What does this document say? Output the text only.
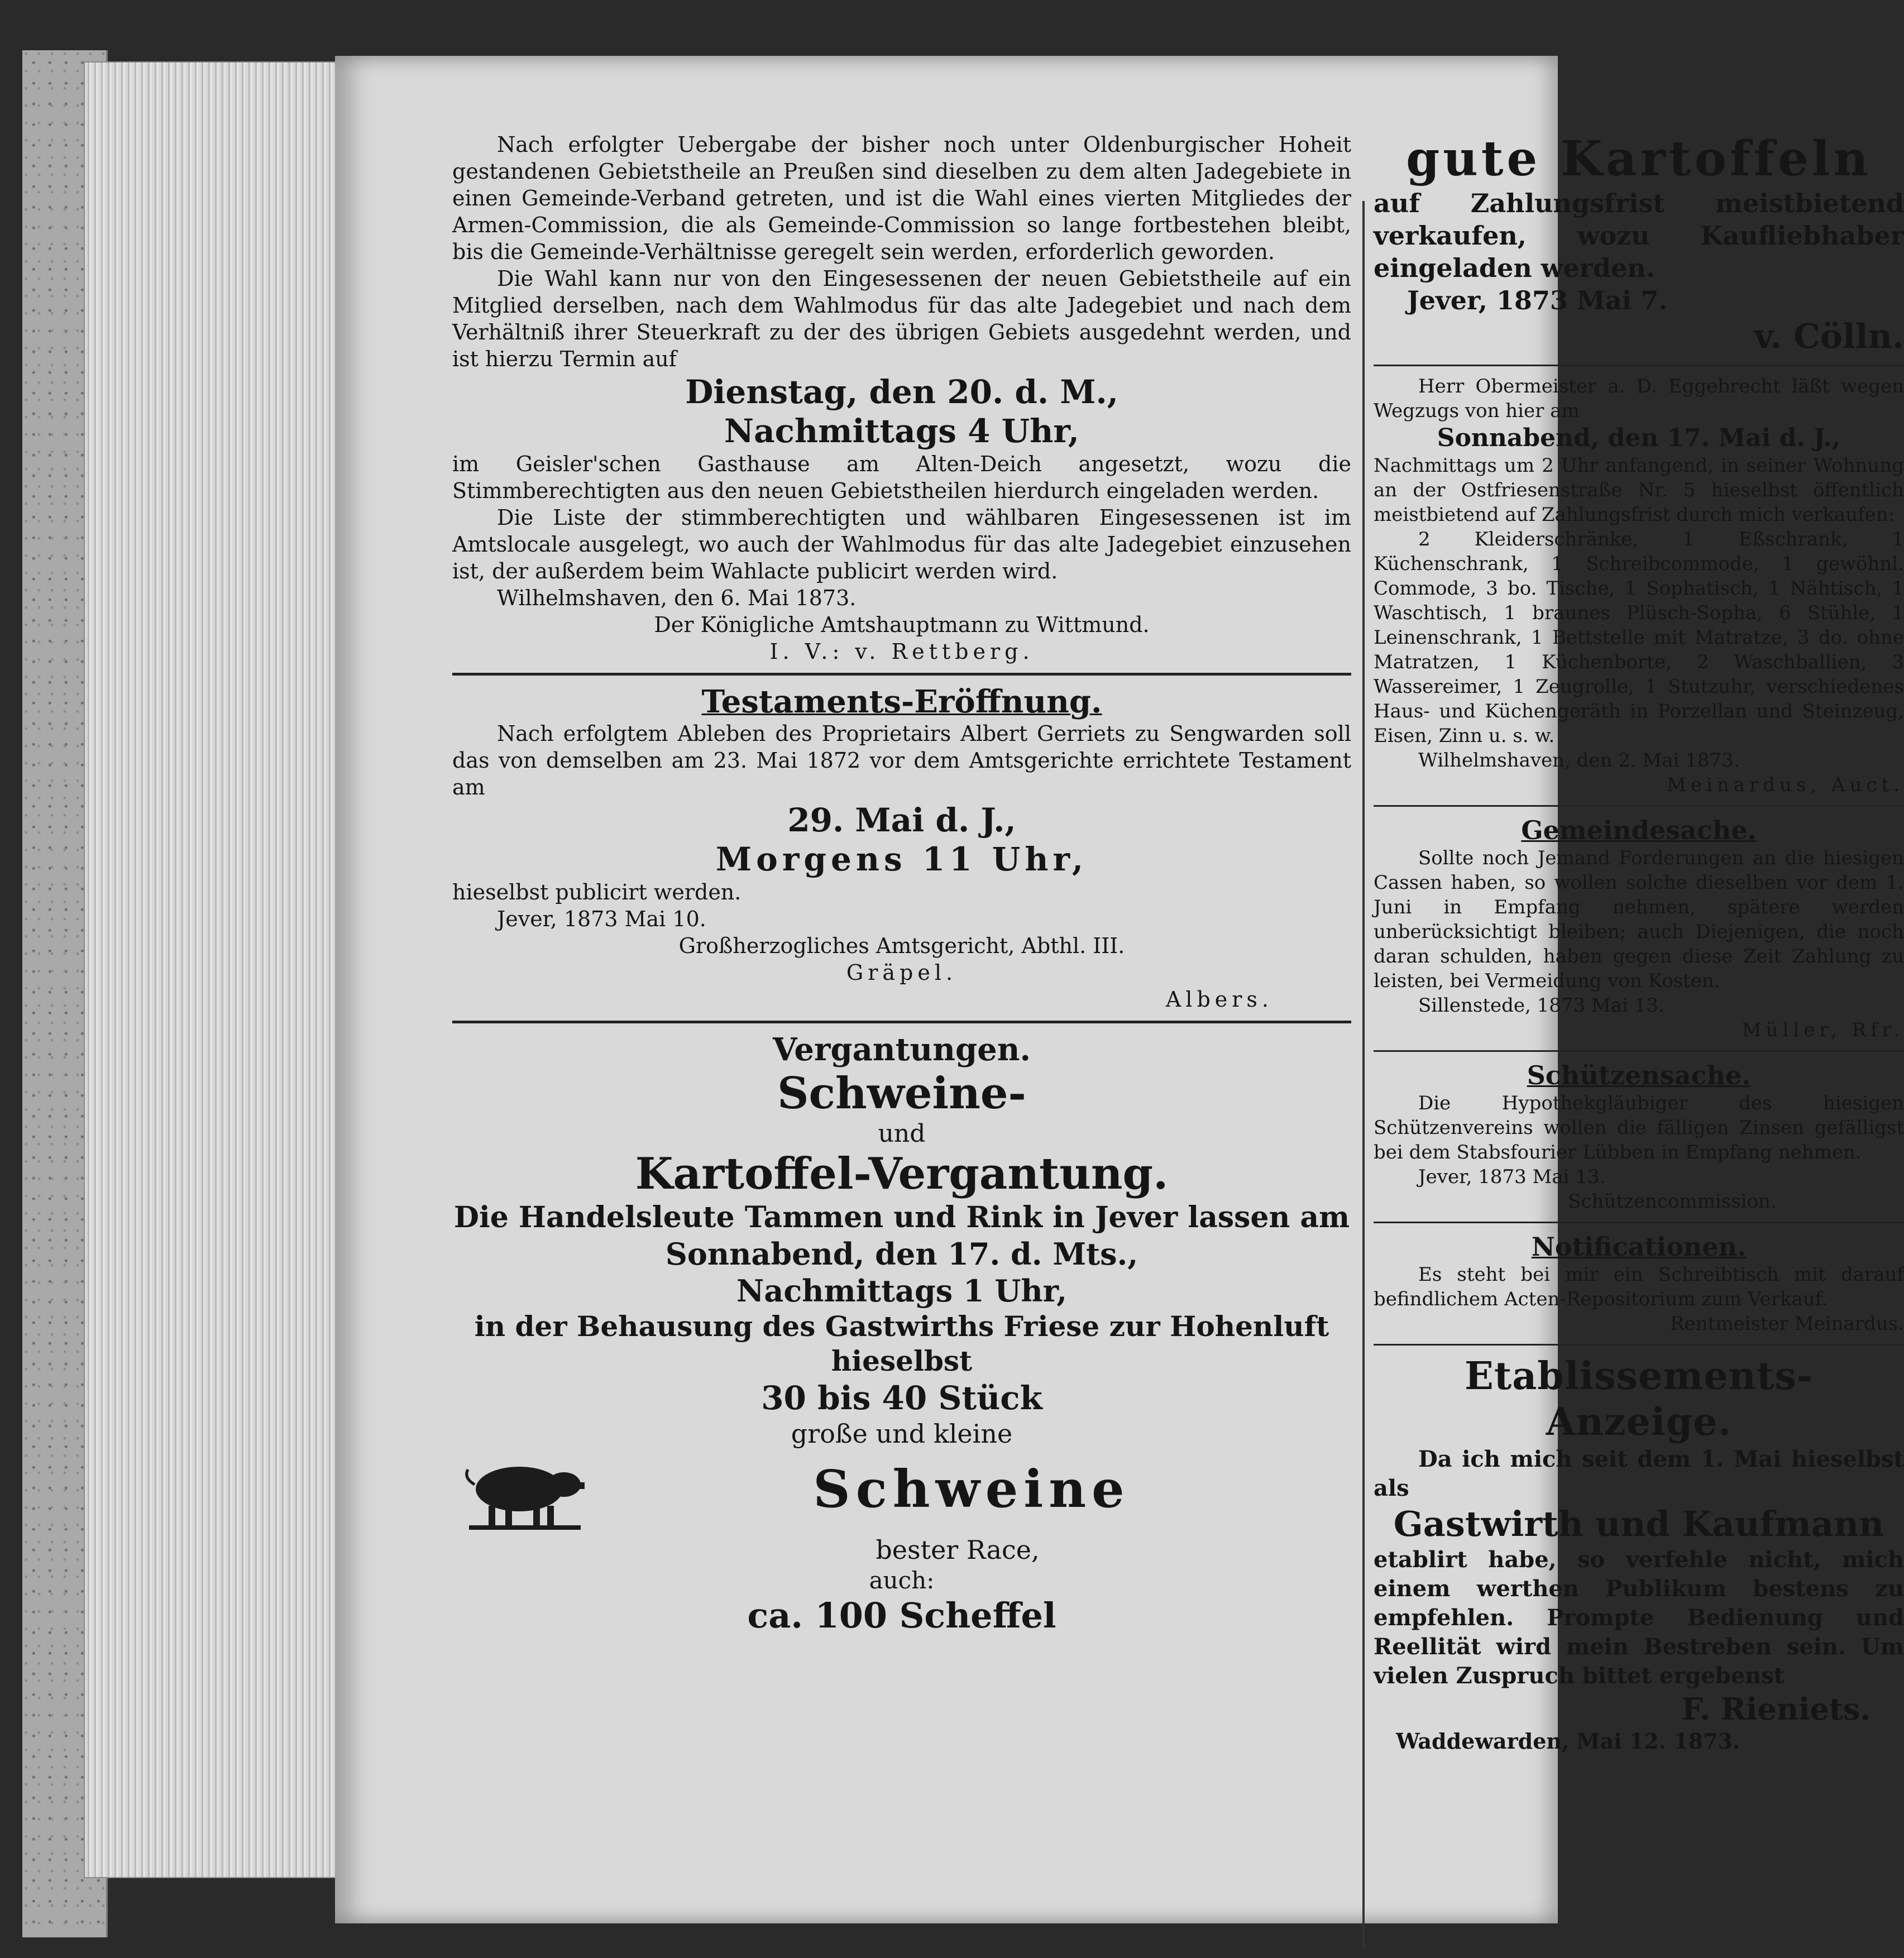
Nach erfolgter Uebergabe der bisher noch unter Oldenburgischer Hoheit gestandenen Gebietstheile an Preußen sind dieselben zu dem alten Jadegebiete in einen Gemeinde-Verband getreten, und ist die Wahl eines vierten Mitgliedes der Armen-Commission, die als Gemeinde-Commission so lange fortbestehen bleibt, bis die Gemeinde-Verhältnisse geregelt sein werden, erforderlich geworden.

Die Wahl kann nur von den Eingesessenen der neuen Gebietstheile auf ein Mitglied derselben, nach dem Wahlmodus für das alte Jadegebiet und nach dem Verhältniß ihrer Steuerkraft zu der des übrigen Gebiets ausgedehnt werden, und ist hierzu Termin auf

Dienstag, den 20. d. M.,
Nachmittags 4 Uhr,

im Geisler'schen Gasthause am Alten-Deich angesetzt, wozu die Stimmberechtigten aus den neuen Gebietstheilen hierdurch eingeladen werden.

Die Liste der stimmberechtigten und wählbaren Eingesessenen ist im Amtslocale ausgelegt, wo auch der Wahlmodus für das alte Jadegebiet einzusehen ist, der außerdem beim Wahlacte publicirt werden wird.

Wilhelmshaven, den 6. Mai 1873.

Der Königliche Amtshauptmann zu Wittmund.

I. V.: v. Rettberg.

Testaments-Eröffnung.

Nach erfolgtem Ableben des Proprietairs Albert Gerriets zu Sengwarden soll das von demselben am 23. Mai 1872 vor dem Amtsgerichte errichtete Testament am

29. Mai d. J.,
Morgens 11 Uhr,

hieselbst publicirt werden.

Jever, 1873 Mai 10.

Großherzogliches Amtsgericht, Abthl. III.

Gräpel.

Albers.

Vergantungen.
Schweine-
und
Kartoffel-Vergantung.
Die Handelsleute Tammen und Rink in Jever lassen am
Sonnabend, den 17. d. Mts.,
Nachmittags 1 Uhr,
in der Behausung des Gastwirths Friese zur Hohenluft hieselbst
30 bis 40 Stück
große und kleine
Schweine
bester Race,
auch:
ca. 100 Scheffel
gute Kartoffeln

auf Zahlungsfrist meistbietend verkaufen, wozu Kaufliebhaber eingeladen werden.

Jever, 1873 Mai 7.

v. Cölln.

Herr Obermeister a. D. Eggebrecht läßt wegen Wegzugs von hier am

Sonnabend, den 17. Mai d. J.,

Nachmittags um 2 Uhr anfangend, in seiner Wohnung an der Ostfriesenstraße Nr. 5 hieselbst öffentlich meistbietend auf Zahlungsfrist durch mich verkaufen:

2 Kleiderschränke, 1 Eßschrank, 1 Küchenschrank, 1 Schreibcommode, 1 gewöhnl. Commode, 3 bo. Tische, 1 Sophatisch, 1 Nähtisch, 1 Waschtisch, 1 braunes Plüsch-Sopha, 6 Stühle, 1 Leinenschrank, 1 Bettstelle mit Matratze, 3 do. ohne Matratzen, 1 Küchenborte, 2 Waschballien, 3 Wassereimer, 1 Zeugrolle, 1 Stutzuhr, verschiedenes Haus- und Küchengeräth in Porzellan und Steinzeug, Eisen, Zinn u. s. w.

Wilhelmshaven, den 2. Mai 1873.

Meinardus, Auct.

Gemeindesache.

Sollte noch Jemand Forderungen an die hiesigen Cassen haben, so wollen solche dieselben vor dem 1. Juni in Empfang nehmen, spätere werden unberücksichtigt bleiben; auch Diejenigen, die noch daran schulden, haben gegen diese Zeit Zahlung zu leisten, bei Vermeidung von Kosten.

Sillenstede, 1873 Mai 13.

Müller, Rfr.

Schützensache.

Die Hypothekgläubiger des hiesigen Schützenvereins wollen die fälligen Zinsen gefälligst bei dem Stabsfourier Lübben in Empfang nehmen.

Jever, 1873 Mai 13.

Schützencommission.

Notificationen.

Es steht bei mir ein Schreibtisch mit darauf befindlichem Acten-Repositorium zum Verkauf.

Rentmeister Meinardus.

Etablissements-Anzeige.

Da ich mich seit dem 1. Mai hieselbst als

Gastwirth und Kaufmann

etablirt habe, so verfehle nicht, mich einem werthen Publikum bestens zu empfehlen. Prompte Bedienung und Reellität wird mein Bestreben sein. Um vielen Zuspruch bittet ergebenst

F. Rieniets.

Waddewarden, Mai 12. 1873.
